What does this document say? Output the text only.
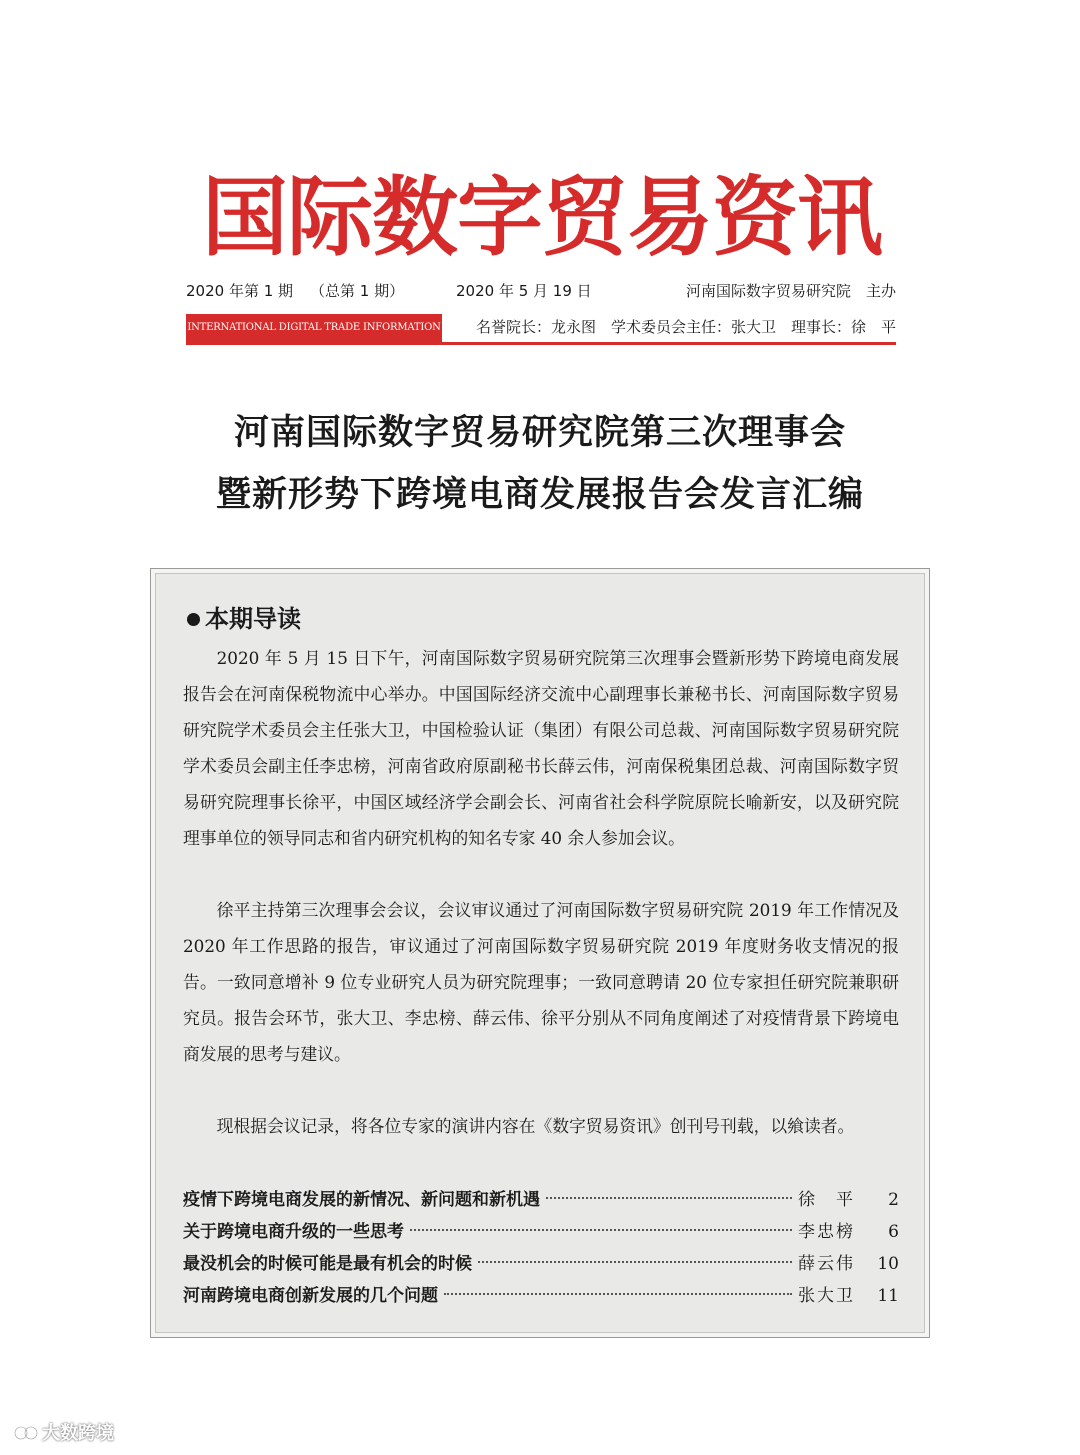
国际数字贸易资讯
2020 年第 1 期 （总第 1 期）	2020 年 5 月 19 日	河南国际数字贸易研究院　主办
INTERNATIONAL DIGITAL TRADE INFORMATION	名誉院长：龙永图　学术委员会主任：张大卫　理事长：徐　平
河南国际数字贸易研究院第三次理事会
暨新形势下跨境电商发展报告会发言汇编
本期导读

2020 年 5 月 15 日下午，河南国际数字贸易研究院第三次理事会暨新形势下跨境电商发展报告会在河南保税物流中心举办。中国国际经济交流中心副理事长兼秘书长、河南国际数字贸易研究院学术委员会主任张大卫，中国检验认证（集团）有限公司总裁、河南国际数字贸易研究院学术委员会副主任李忠榜，河南省政府原副秘书长薛云伟，河南保税集团总裁、河南国际数字贸易研究院理事长徐平，中国区域经济学会副会长、河南省社会科学院原院长喻新安，以及研究院理事单位的领导同志和省内研究机构的知名专家 40 余人参加会议。

徐平主持第三次理事会会议，会议审议通过了河南国际数字贸易研究院 2019 年工作情况及 2020 年工作思路的报告，审议通过了河南国际数字贸易研究院 2019 年度财务收支情况的报告。一致同意增补 9 位专业研究人员为研究院理事；一致同意聘请 20 位专家担任研究院兼职研究员。报告会环节，张大卫、李忠榜、薛云伟、徐平分别从不同角度阐述了对疫情背景下跨境电商发展的思考与建议。

现根据会议记录，将各位专家的演讲内容在《数字贸易资讯》创刊号刊载，以飨读者。

疫情下跨境电商发展的新情况、新问题和新机遇	徐　平	2
关于跨境电商升级的一些思考	李忠榜	6
最没机会的时候可能是最有机会的时候	薛云伟	10
河南跨境电商创新发展的几个问题	张大卫	11
大数跨境
